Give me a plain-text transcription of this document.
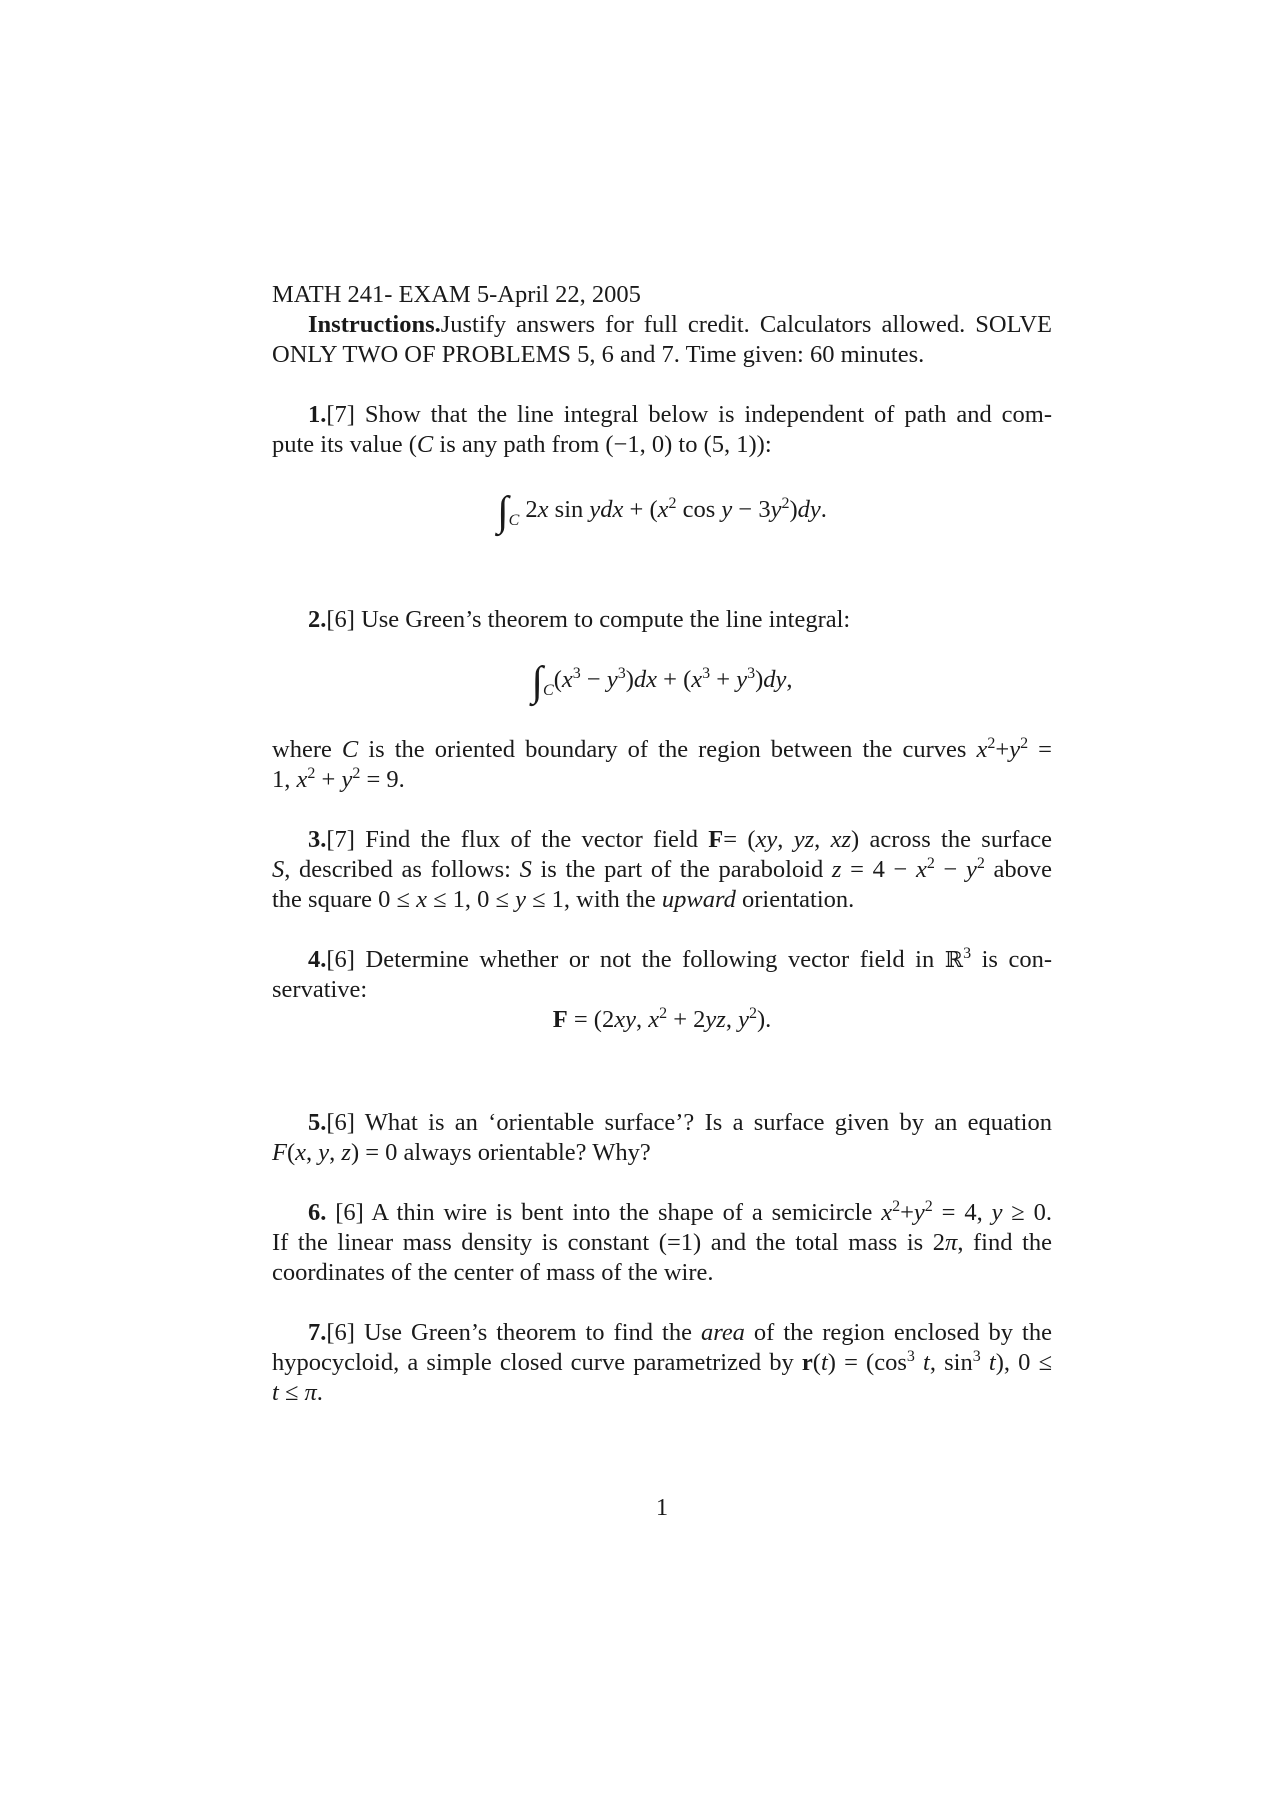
MATH 241- EXAM 5-April 22, 2005
Instructions.Justify answers for full credit. Calculators allowed. SOLVE
ONLY TWO OF PROBLEMS 5, 6 and 7. Time given: 60 minutes.
1.[7] Show that the line integral below is independent of path and com-
pute its value (C is any path from (−1, 0) to (5, 1)):
$\int_C$ 2x sin ydx + ($x^2$ $\cos y - 3y^2)dy$.
2.[6] Use Green’s theorem to compute the line integral:
$\int_C(x^3 - y^3)dx + (x^3 + y^3)dy$,
where C is the oriented boundary of the region between the curves $x^2+y^2$ =
1, $x^2 + y^2 = 9$.
3.[7] Find the flux of the vector field F= (xy, yz, xz) across the surface
S, described as follows: S is the part of the paraboloid $z = 4 - x^2 - y^2$ above
the square 0 ≤ x ≤ 1, 0 ≤ y ≤ 1, with the upward orientation.
4.[6] Determine whether or not the following vector field in ℝ$^3$ is con-
servative:
F = (2xy, $x^2 + 2yz$, $y^2$).
5.[6] What is an ‘orientable surface’? Is a surface given by an equation
F(x, y, z) = 0 always orientable? Why?
6. [6] A thin wire is bent into the shape of a semicircle $x^2+y^2 = 4$, y ≥ 0.
If the linear mass density is constant (=1) and the total mass is 2π, find the
coordinates of the center of mass of the wire.
7.[6] Use Green’s theorem to find the area of the region enclosed by the
hypocycloid, a simple closed curve parametrized by $r(t) = (\cos^3$ t, $\sin^3 t$), 0 ≤
t ≤ π.
1
